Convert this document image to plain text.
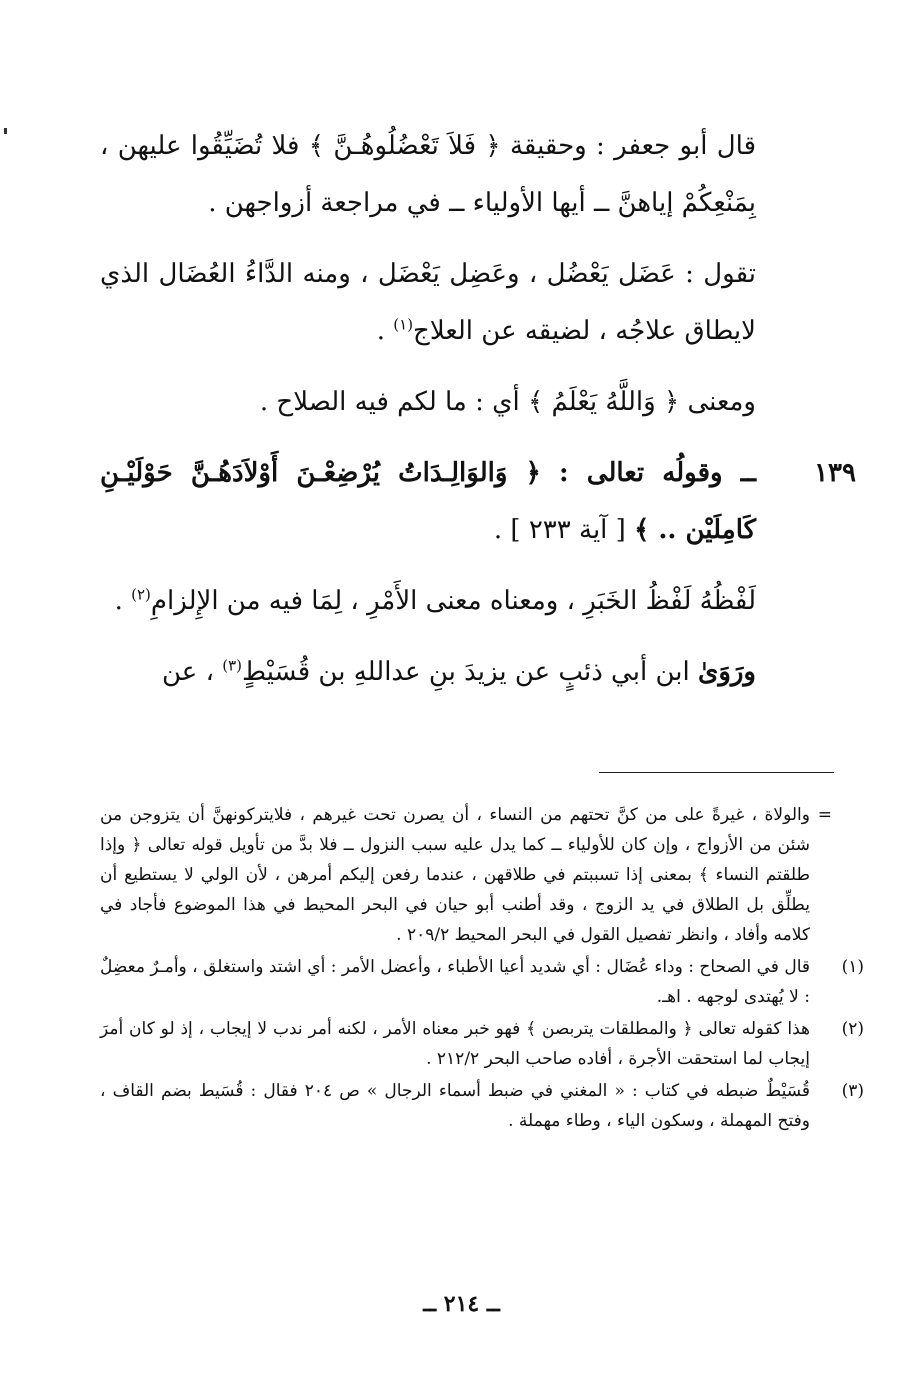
قال أبو جعفر : وحقيقة ﴿ فَلاَ تَعْضُلُوهُـنَّ ﴾ فلا تُضَيِّقُوا عليهن ، بِمَنْعِكُمْ إياهنَّ ــ أيها الأولياء ــ في مراجعة أزواجهن .

تقول : عَضَل يَعْضُل ، وعَضِل يَعْضَل ، ومنه الدَّاءُ العُضَال الذي لايطاق علاجُه ، لضيقه عن العلاج$^{(١)}$ .

ومعنى ﴿ وَاللَّهُ يَعْلَمُ ﴾ أي : ما لكم فيه الصلاح .

١٣٩
ــ وقولُه تعالى : ﴿ وَالوَالِـدَاتُ يُرْضِعْـنَ أَوْلاَدَهُـنَّ حَوْلَيْـنِ كَامِلَيْن .. ﴾ [ آية ٢٣٣ ] .

لَفْظُهُ لَفْظُ الخَبَرِ ، ومعناه معنى الأَمْرِ ، لِمَا فيه من الإِلزامِ$^{(٢)}$ .

ورَوَىٰ ابن أبي ذئبٍ عن يزيدَ بنِ عداللهِ بن قُسَيْطٍ$^{(٣)}$ ، عن

=
والولاة ، غيرةً على من كنَّ تحتهم من النساء ، أن يصرن تحت غيرهم ، فلايتركونهنَّ أن يتزوجن من شئن من الأزواج ، وإن كان للأولياء ــ كما يدل عليه سبب النزول ــ فلا بدَّ من تأويل قوله تعالى ﴿ وإذا طلقتم النساء ﴾ بمعنى إذا تسببتم في طلاقهن ، عندما رفعن إليكم أمرهن ، لأن الولي لا يستطيع أن يطلِّق بل الطلاق في يد الزوج ، وقد أطنب أبو حيان في البحر المحيط في هذا الموضوع فأجاد في كلامه وأفاد ، وانظر تفصيل القول في البحر المحيط ٢٠٩/٢ .
(١)
قال في الصحاح : وداء عُضَال : أي شديد أعيا الأطباء ، وأعضل الأمر : أي اشتد واستغلق ، وأمـرٌ معضِلٌ : لا يُهتدى لوجهه . اهـ.
(٢)
هذا كقوله تعالى ﴿ والمطلقات يتربصن ﴾ فهو خبر معناه الأمر ، لكنه أمر ندب لا إيجاب ، إذ لو كان أمرَ إيجاب لما استحقت الأجرة ، أفاده صاحب البحر ٢١٢/٢ .
(٣)
قُسَيْطٌ ضبطه في كتاب : « المغني في ضبط أسماء الرجال » ص ٢٠٤ فقال : قُسَيط بضم القاف ، وفتح المهملة ، وسكون الياء ، وطاء مهملة .
ــ ٢١٤ ــ
